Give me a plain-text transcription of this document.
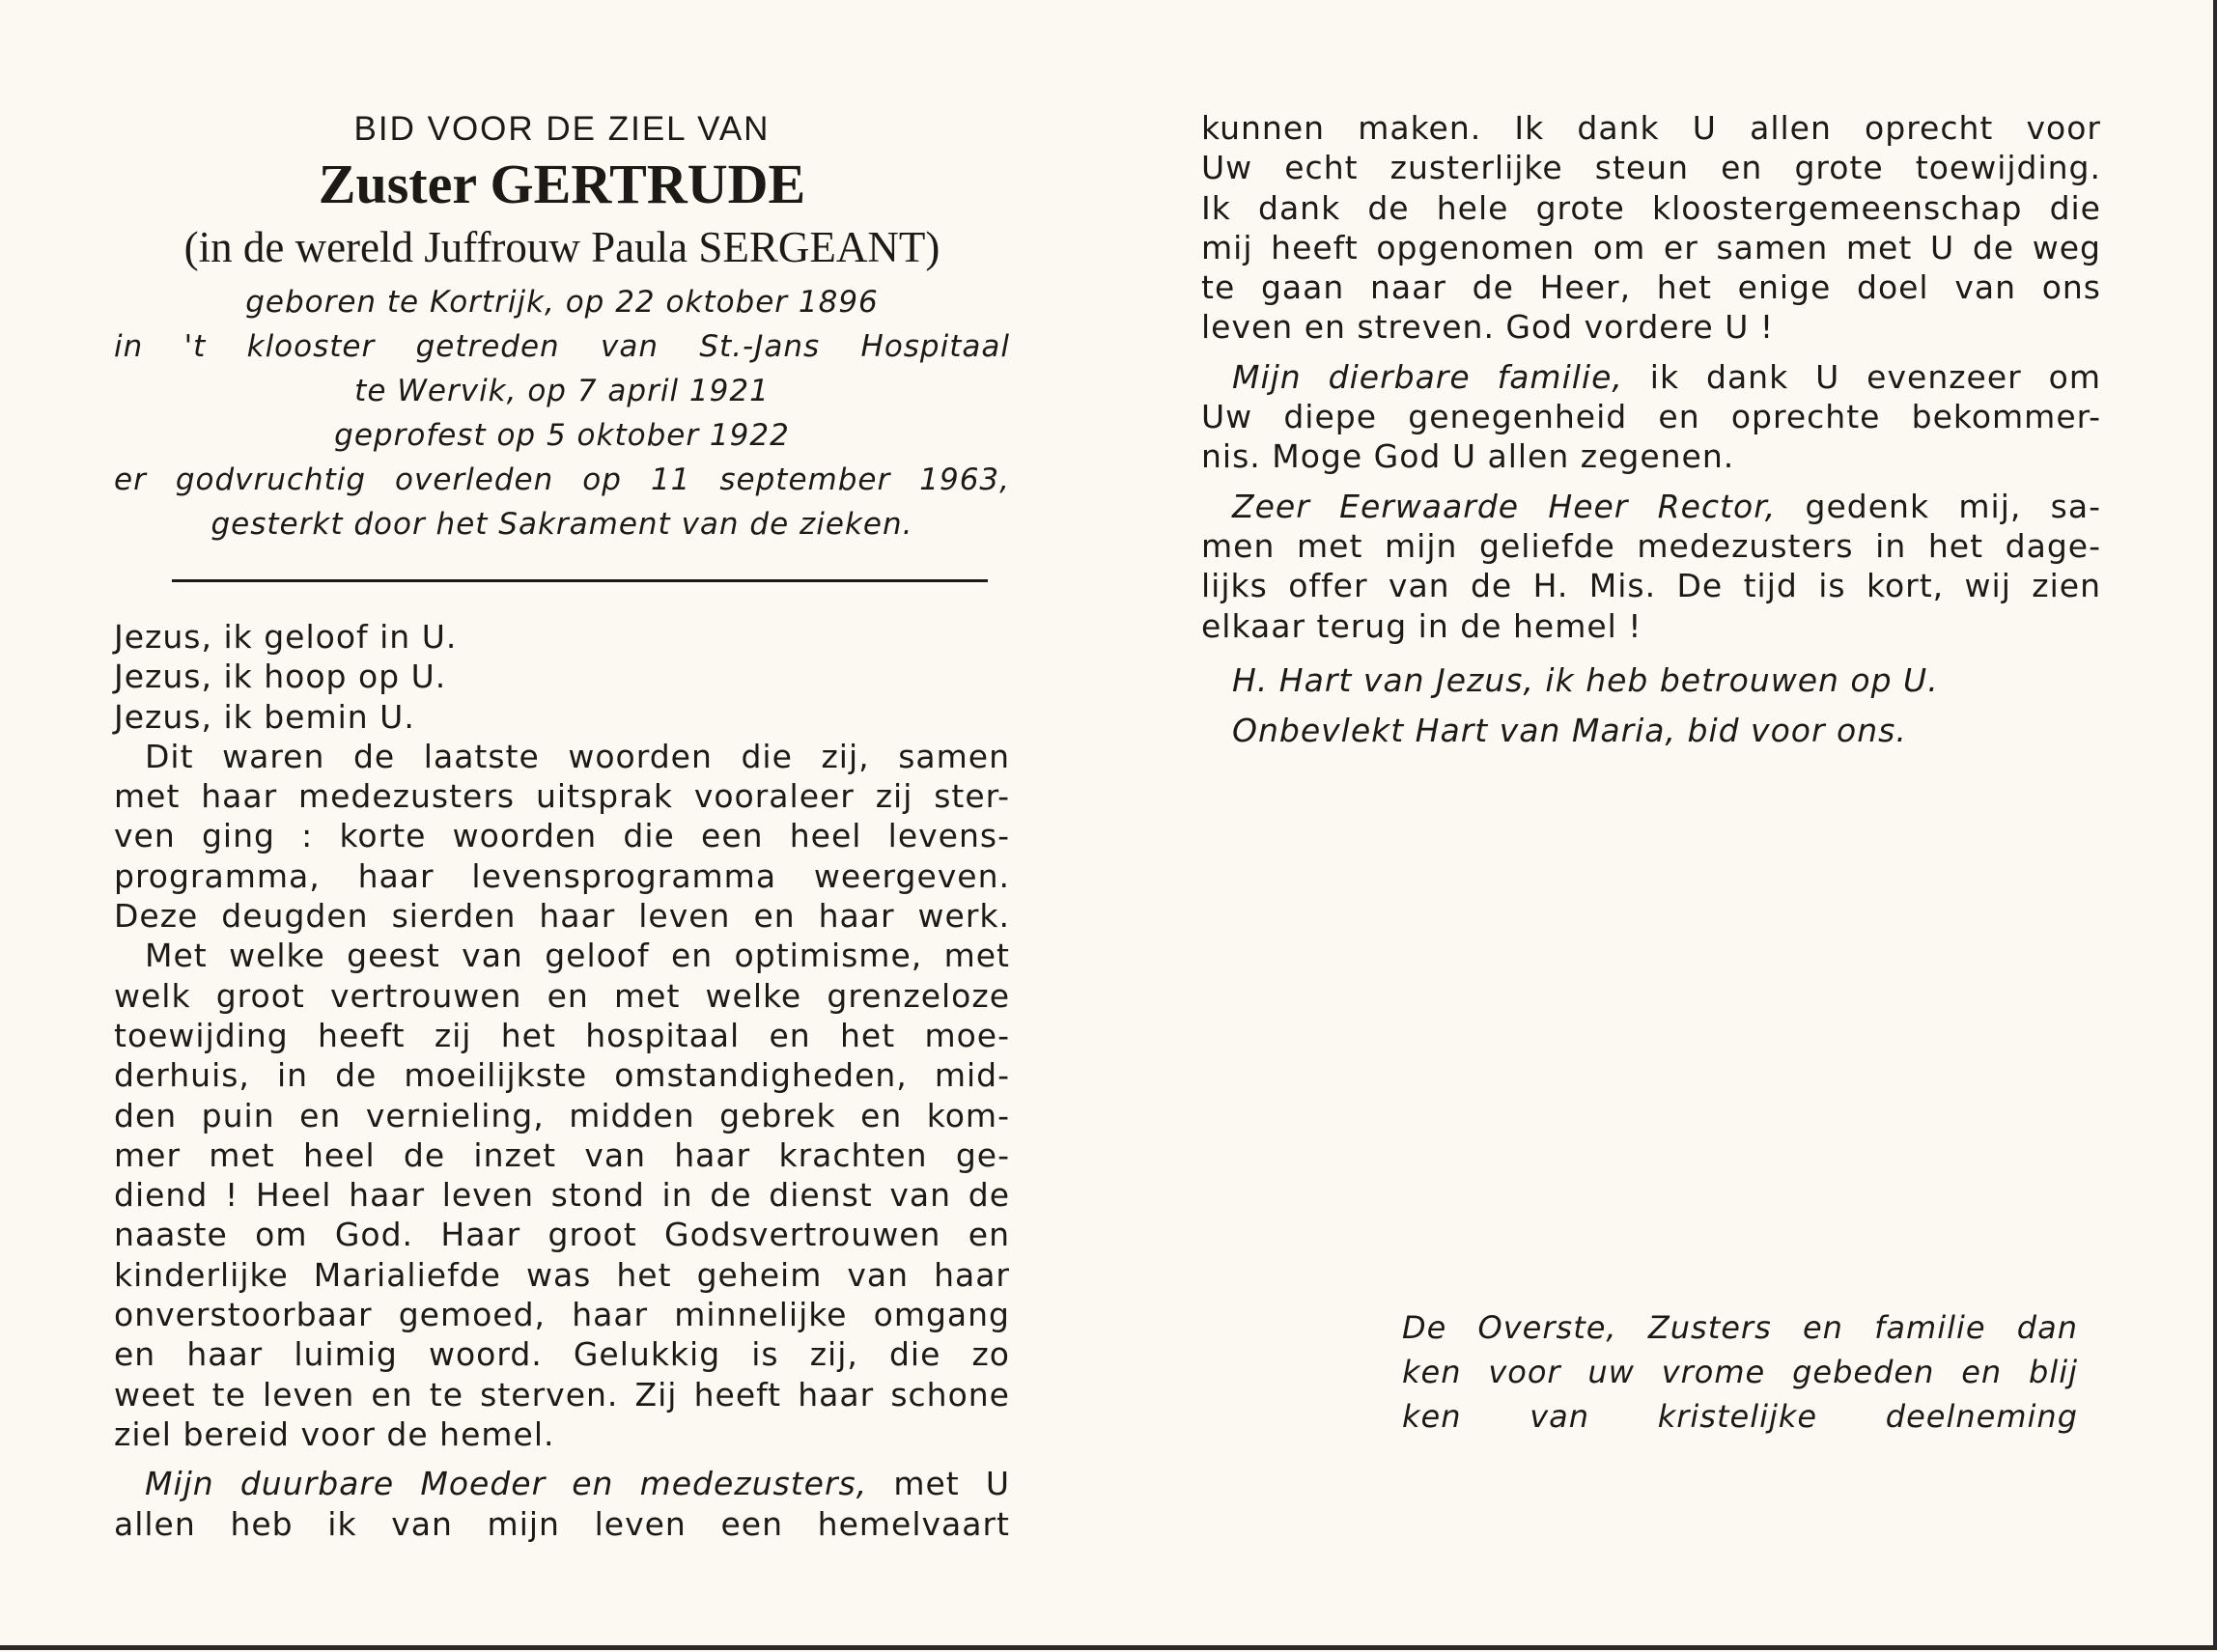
BID VOOR DE ZIEL VAN
Zuster GERTRUDE
(in de wereld Juffrouw Paula SERGEANT)
geboren te Kortrijk, op 22 oktober 1896
in 't klooster getreden van St.-Jans Hospitaal
te Wervik, op 7 april 1921
geprofest op 5 oktober 1922
er godvruchtig overleden op 11 september 1963,
gesterkt door het Sakrament van de zieken.

Jezus, ik geloof in U.
Jezus, ik hoop op U.
Jezus, ik bemin U.

Dit waren de laatste woorden die zij, samen
met haar medezusters uitsprak vooraleer zij ster-
ven ging : korte woorden die een heel levens-
programma, haar levensprogramma weergeven.
Deze deugden sierden haar leven en haar werk.

Met welke geest van geloof en optimisme, met
welk groot vertrouwen en met welke grenzeloze
toewijding heeft zij het hospitaal en het moe-
derhuis, in de moeilijkste omstandigheden, mid-
den puin en vernieling, midden gebrek en kom-
mer met heel de inzet van haar krachten ge-
diend ! Heel haar leven stond in de dienst van de
naaste om God. Haar groot Godsvertrouwen en
kinderlijke Marialiefde was het geheim van haar
onverstoorbaar gemoed, haar minnelijke omgang
en haar luimig woord. Gelukkig is zij, die zo
weet te leven en te sterven. Zij heeft haar schone
ziel bereid voor de hemel.

Mijn duurbare Moeder en medezusters, met U
allen heb ik van mijn leven een hemelvaart

kunnen maken. Ik dank U allen oprecht voor
Uw echt zusterlijke steun en grote toewijding.
Ik dank de hele grote kloostergemeenschap die
mij heeft opgenomen om er samen met U de weg
te gaan naar de Heer, het enige doel van ons
leven en streven. God vordere U !

Mijn dierbare familie, ik dank U evenzeer om
Uw diepe genegenheid en oprechte bekommer-
nis. Moge God U allen zegenen.

Zeer Eerwaarde Heer Rector, gedenk mij, sa-
men met mijn geliefde medezusters in het dage-
lijks offer van de H. Mis. De tijd is kort, wij zien
elkaar terug in de hemel !

H. Hart van Jezus, ik heb betrouwen op U.
Onbevlekt Hart van Maria, bid voor ons.

De Overste, Zusters en familie dan
ken voor uw vrome gebeden en blij
ken van kristelijke deelneming
